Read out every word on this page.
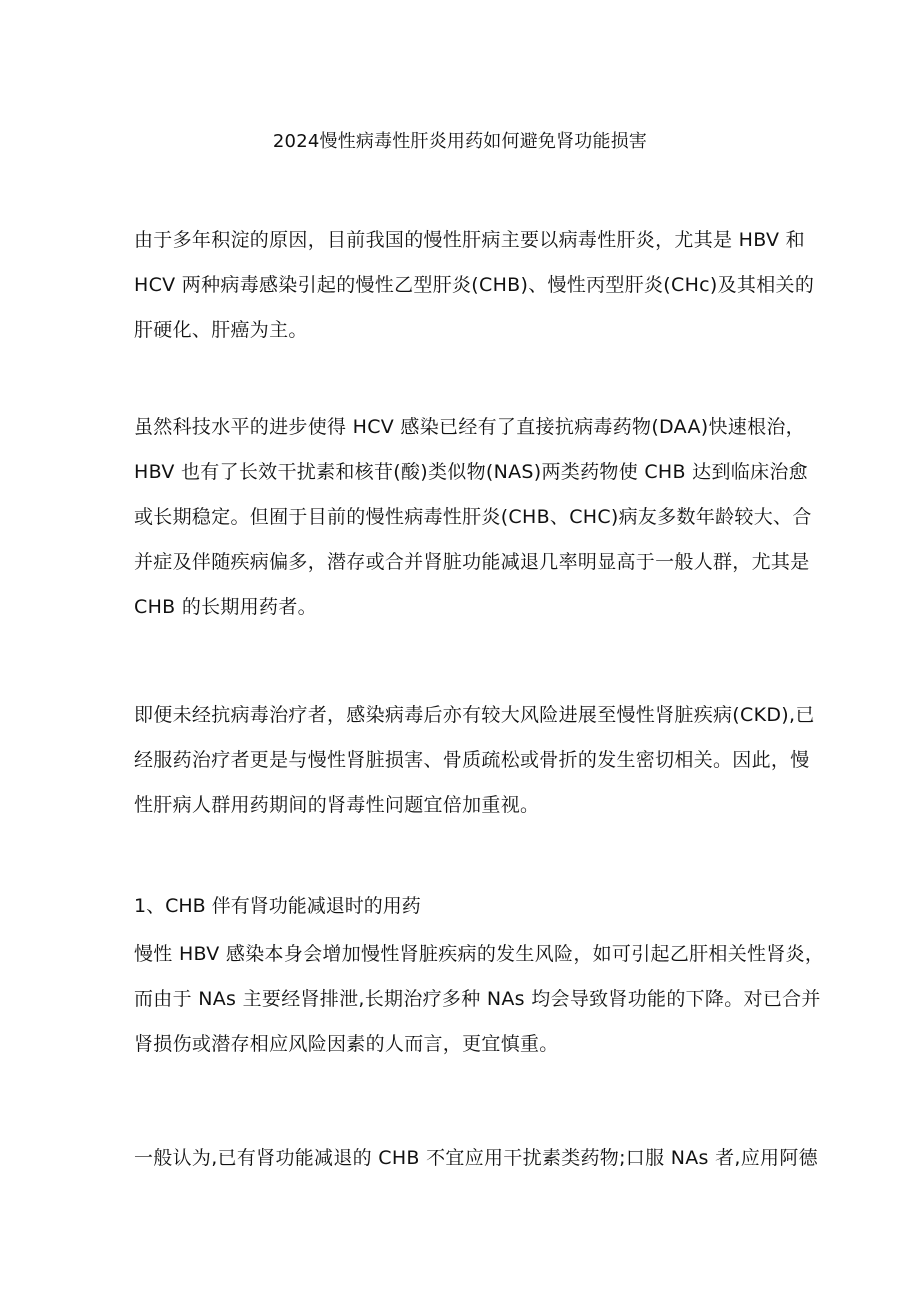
2024慢性病毒性肝炎用药如何避免肾功能损害

由于多年积淀的原因，目前我国的慢性肝病主要以病毒性肝炎，尤其是 HBV 和
HCV 两种病毒感染引起的慢性乙型肝炎(CHB)、慢性丙型肝炎(CHc)及其相关的
肝硬化、肝癌为主。

虽然科技水平的进步使得 HCV 感染已经有了直接抗病毒药物(DAA)快速根治，
HBV 也有了长效干扰素和核苷(酸)类似物(NAS)两类药物使 CHB 达到临床治愈
或长期稳定。但囿于目前的慢性病毒性肝炎(CHB、CHC)病友多数年龄较大、合
并症及伴随疾病偏多，潜存或合并肾脏功能减退几率明显高于一般人群，尤其是
CHB 的长期用药者。

即便未经抗病毒治疗者，感染病毒后亦有较大风险进展至慢性肾脏疾病(CKD),已
经服药治疗者更是与慢性肾脏损害、骨质疏松或骨折的发生密切相关。因此，慢
性肝病人群用药期间的肾毒性问题宜倍加重视。

1、CHB 伴有肾功能减退时的用药

慢性 HBV 感染本身会增加慢性肾脏疾病的发生风险，如可引起乙肝相关性肾炎，
而由于 NAs 主要经肾排泄,长期治疗多种 NAs 均会导致肾功能的下降。对已合并
肾损伤或潜存相应风险因素的人而言，更宜慎重。

一般认为,已有肾功能减退的 CHB 不宜应用干扰素类药物;口服 NAs 者,应用阿德
